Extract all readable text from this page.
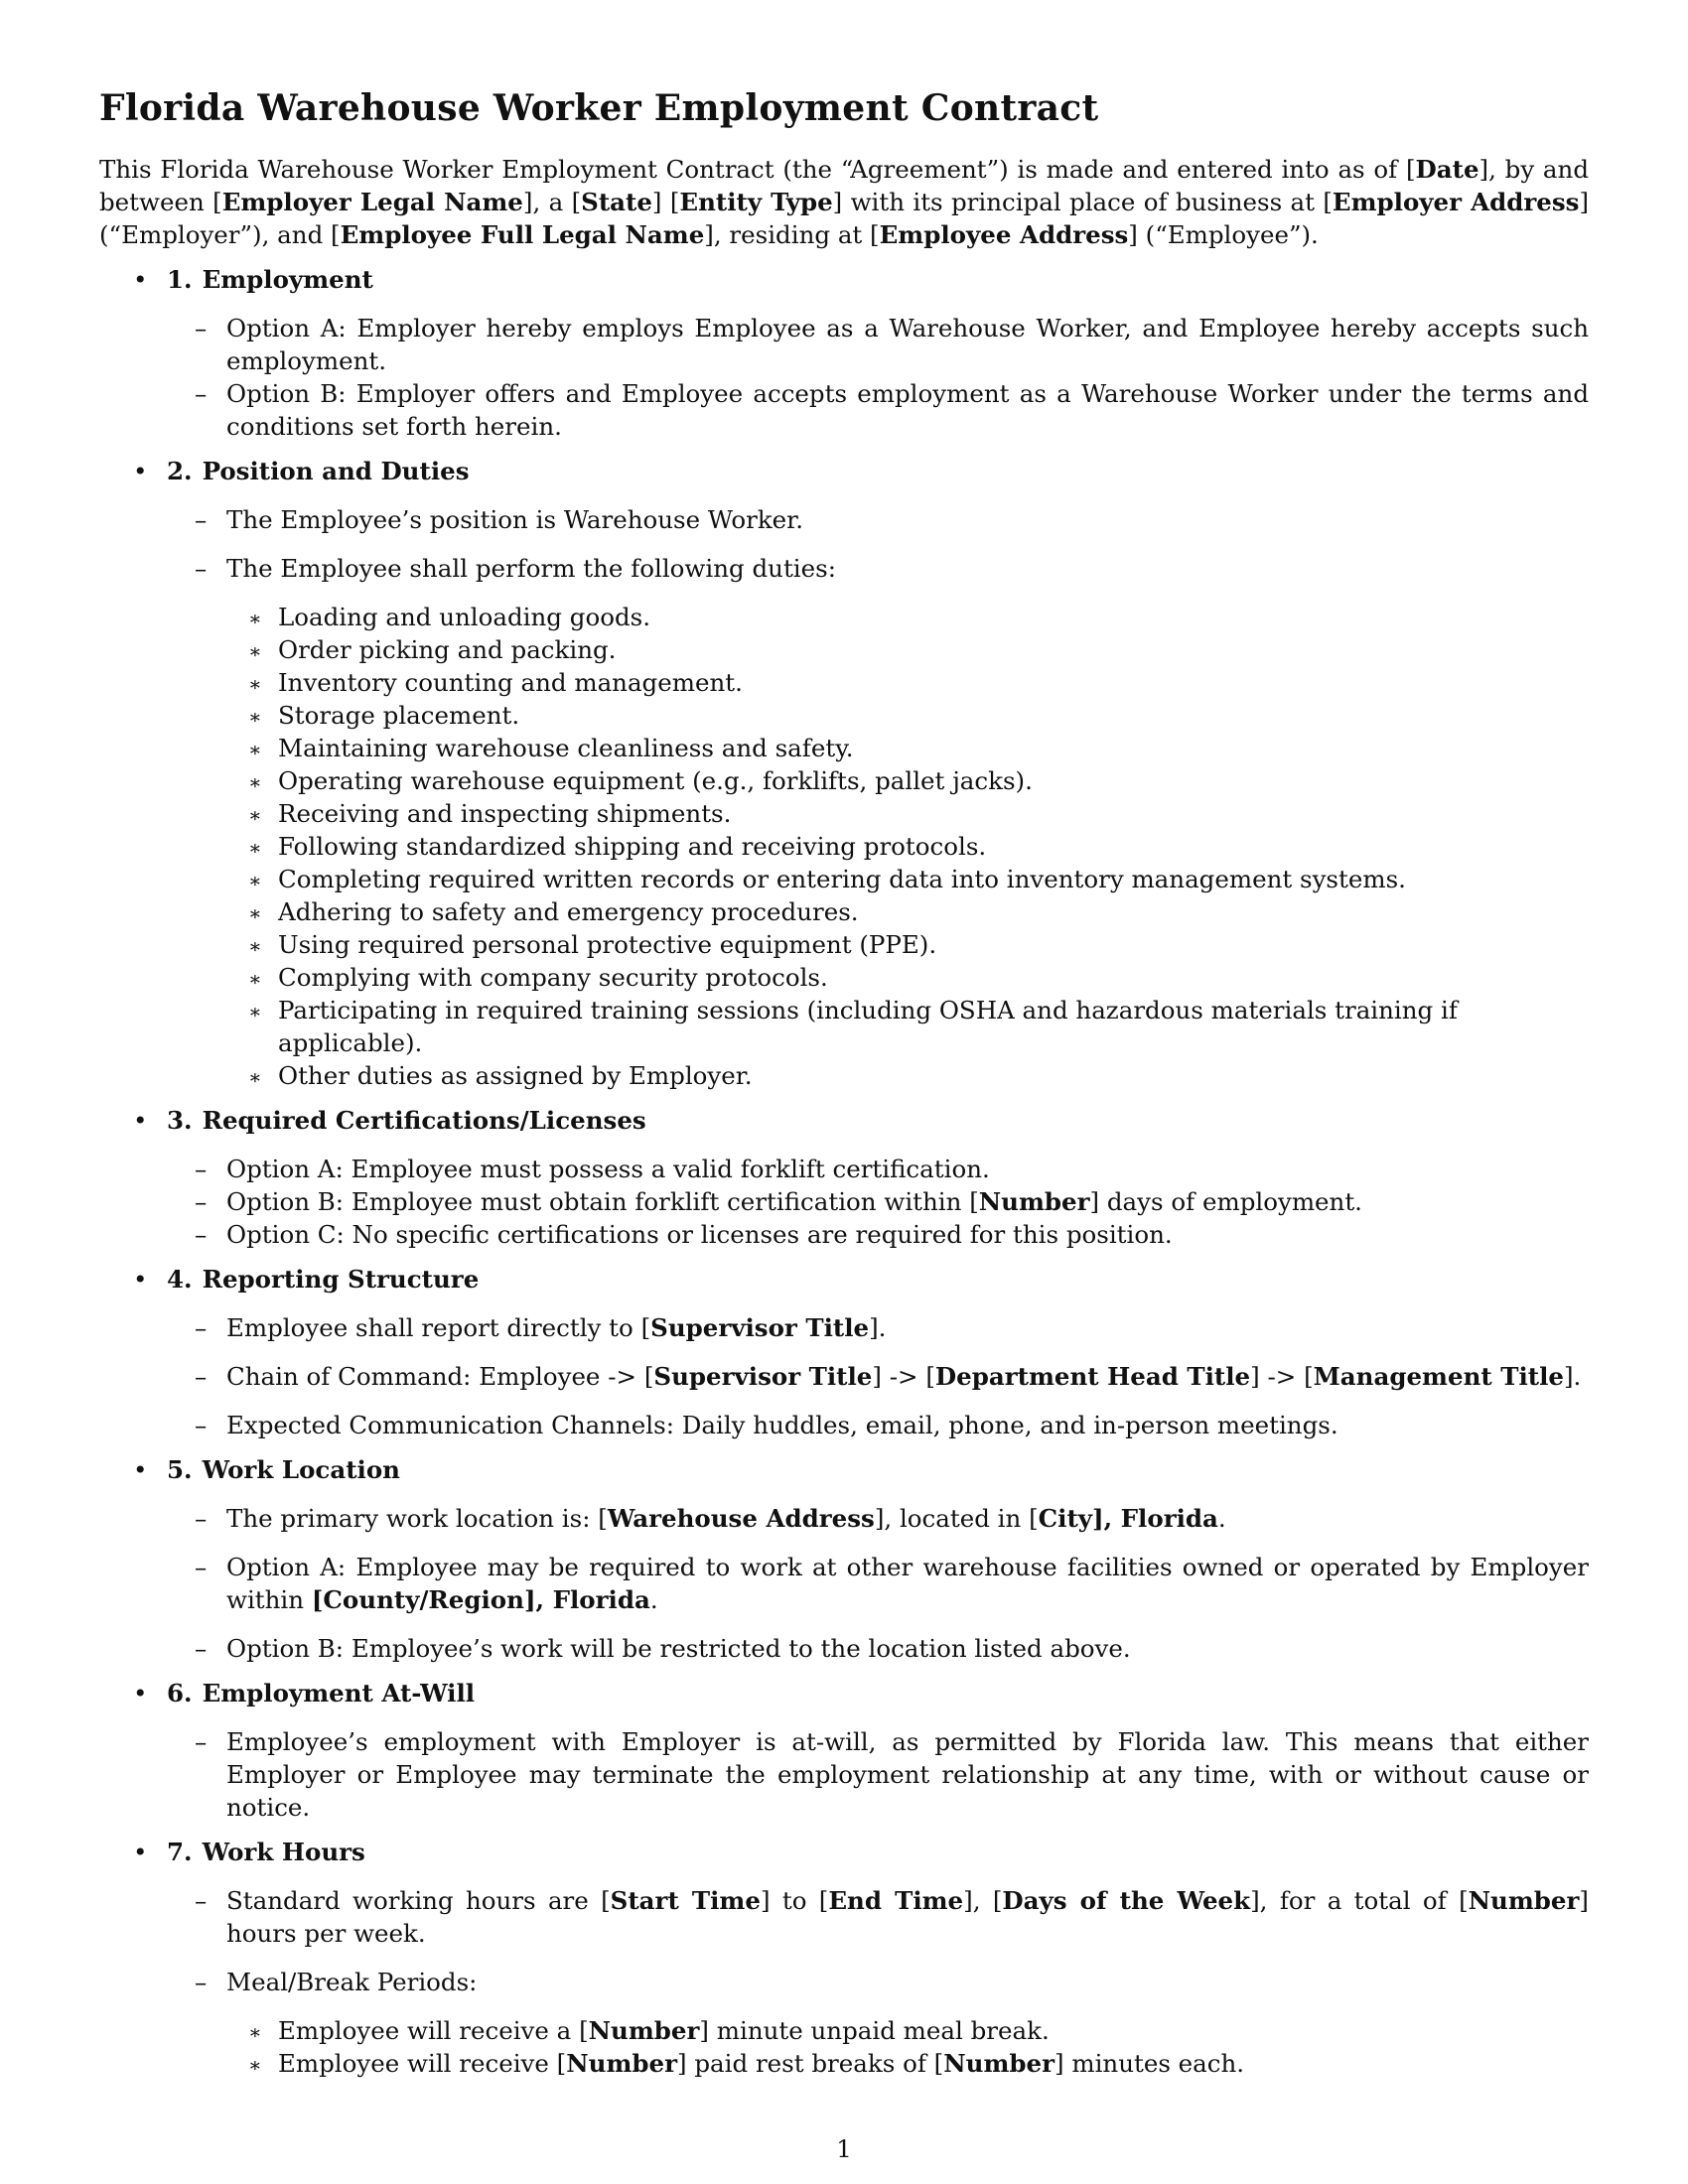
Florida Warehouse Worker Employment Contract

This Florida Warehouse Worker Employment Contract (the “Agreement”) is made and entered into as of [Date], by and between [Employer Legal Name], a [State] [Entity Type] with its principal place of business at [Employer Address] (“Employer”), and [Employee Full Legal Name], residing at [Employee Address] (“Employee”).

• 1. Employment
– Option A: Employer hereby employs Employee as a Warehouse Worker, and Employee hereby accepts such employment.
– Option B: Employer offers and Employee accepts employment as a Warehouse Worker under the terms and conditions set forth herein.
• 2. Position and Duties
– The Employee’s position is Warehouse Worker.
– The Employee shall perform the following duties:
∗ Loading and unloading goods.
∗ Order picking and packing.
∗ Inventory counting and management.
∗ Storage placement.
∗ Maintaining warehouse cleanliness and safety.
∗ Operating warehouse equipment (e.g., forklifts, pallet jacks).
∗ Receiving and inspecting shipments.
∗ Following standardized shipping and receiving protocols.
∗ Completing required written records or entering data into inventory management systems.
∗ Adhering to safety and emergency procedures.
∗ Using required personal protective equipment (PPE).
∗ Complying with company security protocols.
∗ Participating in required training sessions (including OSHA and hazardous materials training if applicable).
∗ Other duties as assigned by Employer.
• 3. Required Certifications/Licenses
– Option A: Employee must possess a valid forklift certification.
– Option B: Employee must obtain forklift certification within [Number] days of employment.
– Option C: No specific certifications or licenses are required for this position.
• 4. Reporting Structure
– Employee shall report directly to [Supervisor Title].
– Chain of Command: Employee -> [Supervisor Title] -> [Department Head Title] -> [Management Title].
– Expected Communication Channels: Daily huddles, email, phone, and in-person meetings.
• 5. Work Location
– The primary work location is: [Warehouse Address], located in [City], Florida.
– Option A: Employee may be required to work at other warehouse facilities owned or operated by Employer within [County/Region], Florida.
– Option B: Employee’s work will be restricted to the location listed above.
• 6. Employment At-Will
– Employee’s employment with Employer is at-will, as permitted by Florida law. This means that either Employer or Employee may terminate the employment relationship at any time, with or without cause or notice.
• 7. Work Hours
– Standard working hours are [Start Time] to [End Time], [Days of the Week], for a total of [Number] hours per week.
– Meal/Break Periods:
∗ Employee will receive a [Number] minute unpaid meal break.
∗ Employee will receive [Number] paid rest breaks of [Number] minutes each.
1
